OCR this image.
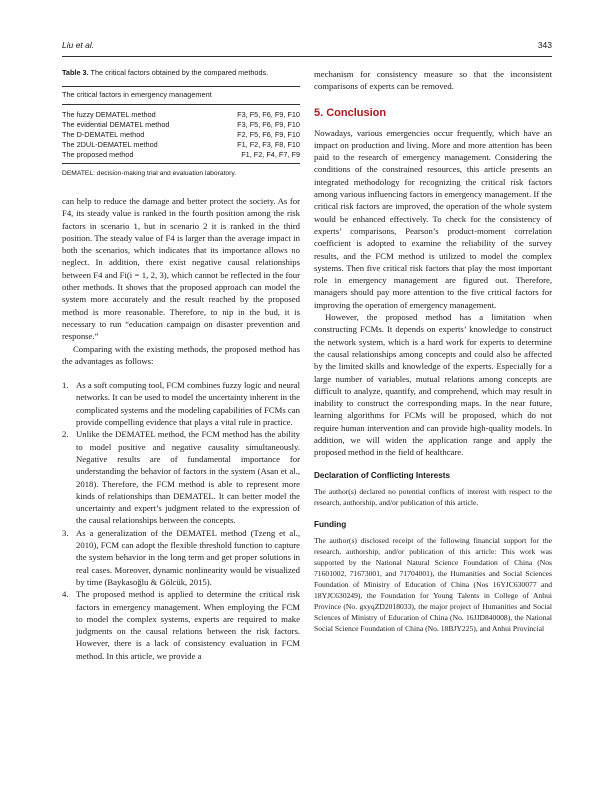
Liu et al.	343

Table 3. The critical factors obtained by the compared methods.

The critical factors in emergency management
The fuzzy DEMATEL method	F3, F5, F6, F9, F10
The evidential DEMATEL method	F3, F5, F6, F9, F10
The D-DEMATEL method	F2, F5, F6, F9, F10
The 2DUL-DEMATEL method	F1, F2, F3, F8, F10
The proposed method	F1, F2, F4, F7, F9
DEMATEL: decision-making trial and evaluation laboratory.

can help to reduce the damage and better protect the society. As for F4, its steady value is ranked in the fourth position among the risk factors in scenario 1, but in scenario 2 it is ranked in the third position. The steady value of F4 is larger than the average impact in both the scenarios, which indicates that its importance allows no neglect. In addition, there exist negative causal relationships between F4 and Fi(i = 1, 2, 3), which cannot be reflected in the four other methods. It shows that the proposed approach can model the system more accurately and the result reached by the proposed method is more reasonable. Therefore, to nip in the bud, it is necessary to run “education campaign on disaster prevention and response.”

Comparing with the existing methods, the proposed method has the advantages as follows:

1. As a soft computing tool, FCM combines fuzzy logic and neural networks. It can be used to model the uncertainty inherent in the complicated systems and the modeling capabilities of FCMs can provide compelling evidence that plays a vital rule in practice.
2. Unlike the DEMATEL method, the FCM method has the ability to model positive and negative causality simultaneously. Negative results are of fundamental importance for understanding the behavior of factors in the system (Asan et al., 2018). Therefore, the FCM method is able to represent more kinds of relationships than DEMATEL. It can better model the uncertainty and expert’s judgment related to the expression of the causal relationships between the concepts.
3. As a generalization of the DEMATEL method (Tzeng et al., 2010), FCM can adopt the flexible threshold function to capture the system behavior in the long term and get proper solutions in real cases. Moreover, dynamic nonlinearity would be visualized by time (Baykasoğlu & Gölcük, 2015).
4. The proposed method is applied to determine the critical risk factors in emergency management. When employing the FCM to model the complex systems, experts are required to make judgments on the causal relations between the risk factors. However, there is a lack of consistency evaluation in FCM method. In this article, we provide a

mechanism for consistency measure so that the inconsistent comparisons of experts can be removed.

5. Conclusion

Nowadays, various emergencies occur frequently, which have an impact on production and living. More and more attention has been paid to the research of emergency management. Considering the conditions of the constrained resources, this article presents an integrated methodology for recognizing the critical risk factors among various influencing factors in emergency management. If the critical risk factors are improved, the operation of the whole system would be enhanced effectively. To check for the consistency of experts’ comparisons, Pearson’s product-moment correlation coefficient is adopted to examine the reliability of the survey results, and the FCM method is utilized to model the complex systems. Then five critical risk factors that play the most important role in emergency management are figured out. Therefore, managers should pay more attention to the five critical factors for improving the operation of emergency management.

However, the proposed method has a limitation when constructing FCMs. It depends on experts’ knowledge to construct the network system, which is a hard work for experts to determine the causal relationships among concepts and could also be affected by the limited skills and knowledge of the experts. Especially for a large number of variables, mutual relations among concepts are difficult to analyze, quantify, and comprehend, which may result in inability to construct the corresponding maps. In the near future, learning algorithms for FCMs will be proposed, which do not require human intervention and can provide high-quality models. In addition, we will widen the application range and apply the proposed method in the field of healthcare.

Declaration of Conflicting Interests

The author(s) declared no potential conflicts of interest with respect to the research, authorship, and/or publication of this article.

Funding

The author(s) disclosed receipt of the following financial support for the research, authorship, and/or publication of this article: This work was supported by the National Natural Science Foundation of China (Nos 71601002, 71673001, and 71704001), the Humanities and Social Sciences Foundation of Ministry of Education of China (Nos 16YJC630077 and 18YJC630249), the Foundation for Young Talents in College of Anhui Province (No. gxyqZD2018033), the major project of Humanities and Social Sciences of Ministry of Education of China (No. 16JJD840008), the National Social Science Foundation of China (No. 18BJY225), and Anhui Provincial
